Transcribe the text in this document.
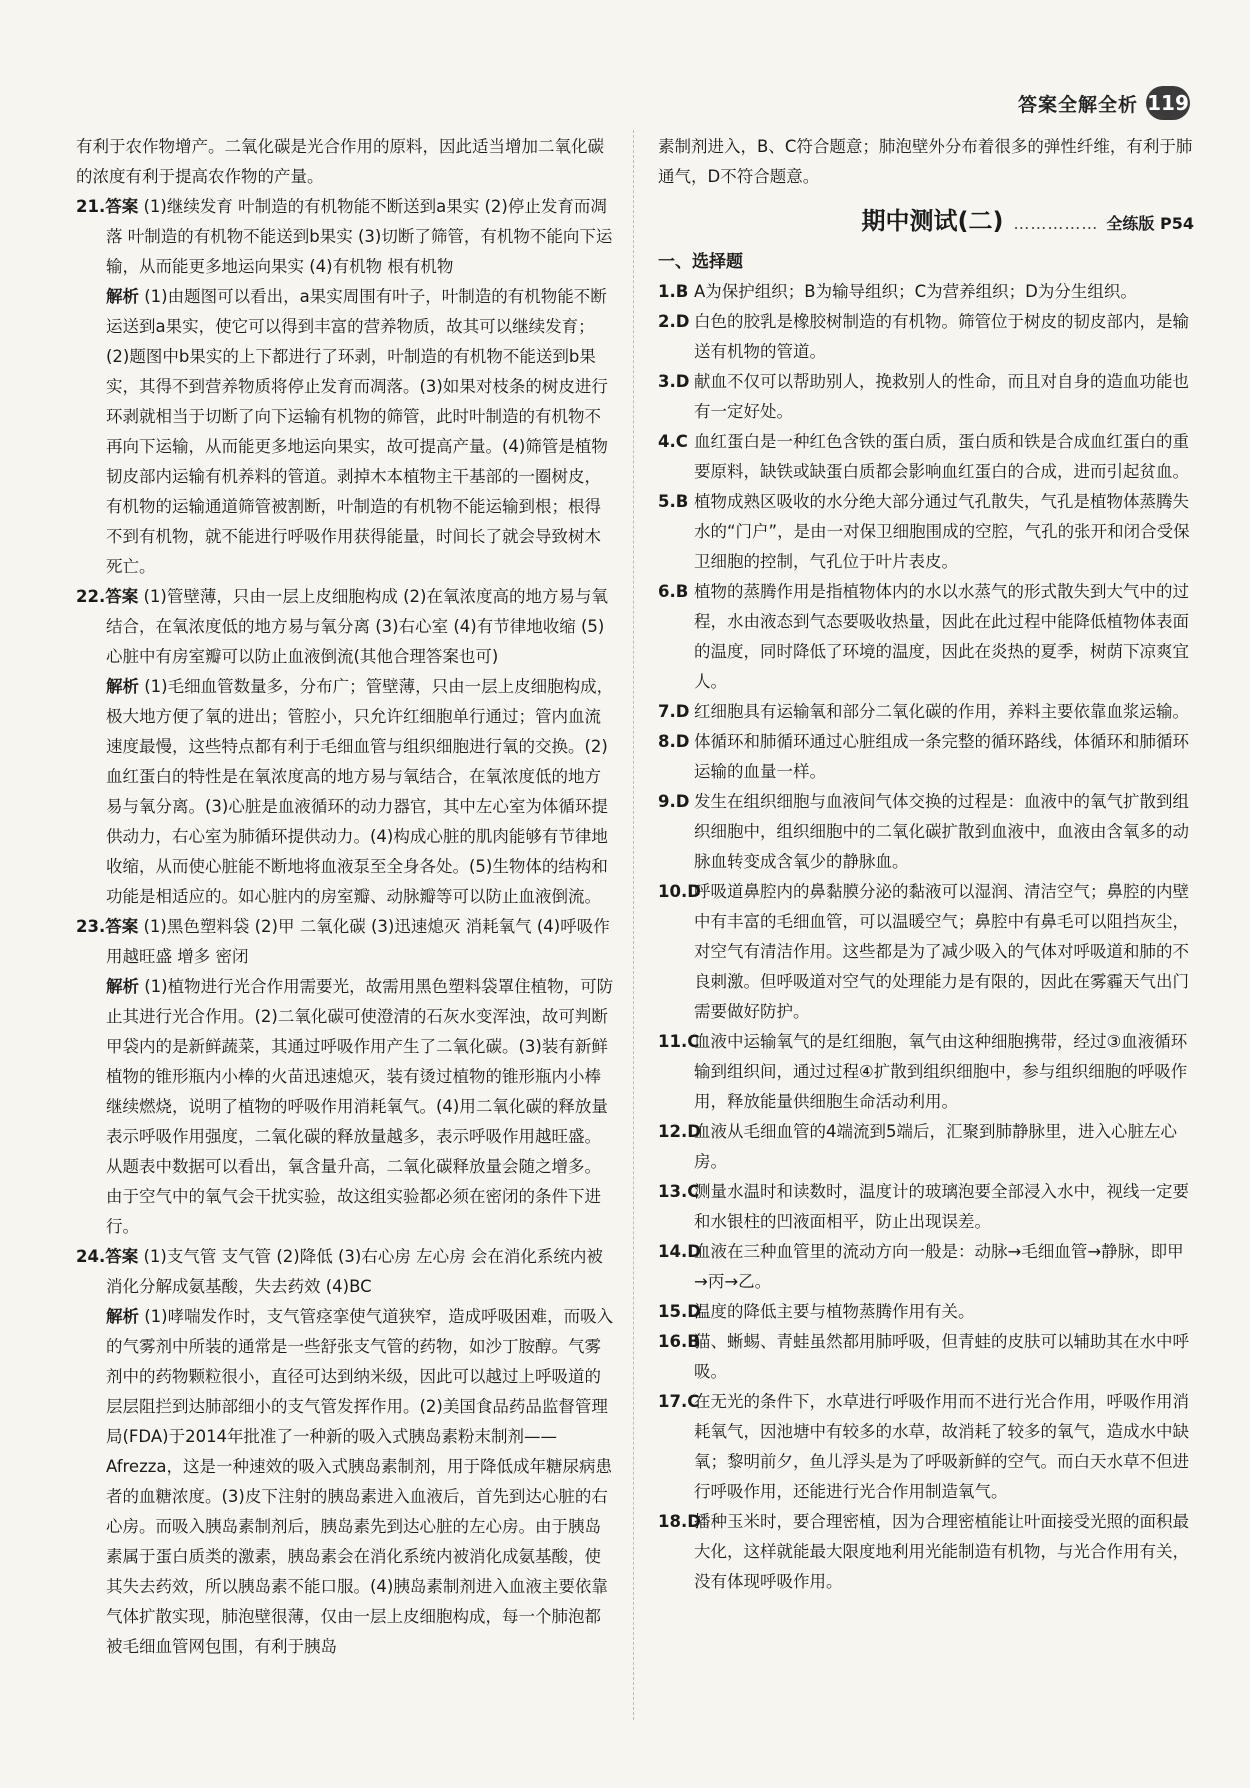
答案全解全析 119
有利于农作物增产。二氧化碳是光合作用的原料，因此适当增加二氧化碳的浓度有利于提高农作物的产量。
21.答案 (1)继续发育 叶制造的有机物能不断送到a果实 (2)停止发育而凋落 叶制造的有机物不能送到b果实 (3)切断了筛管，有机物不能向下运输，从而能更多地运向果实 (4)有机物 根有机物
解析 (1)由题图可以看出，a果实周围有叶子，叶制造的有机物能不断运送到a果实，使它可以得到丰富的营养物质，故其可以继续发育；(2)题图中b果实的上下都进行了环剥，叶制造的有机物不能送到b果实，其得不到营养物质将停止发育而凋落。(3)如果对枝条的树皮进行环剥就相当于切断了向下运输有机物的筛管，此时叶制造的有机物不再向下运输，从而能更多地运向果实，故可提高产量。(4)筛管是植物韧皮部内运输有机养料的管道。剥掉木本植物主干基部的一圈树皮，有机物的运输通道筛管被割断，叶制造的有机物不能运输到根；根得不到有机物，就不能进行呼吸作用获得能量，时间长了就会导致树木死亡。
22.答案 (1)管壁薄，只由一层上皮细胞构成 (2)在氧浓度高的地方易与氧结合，在氧浓度低的地方易与氧分离 (3)右心室 (4)有节律地收缩 (5)心脏中有房室瓣可以防止血液倒流(其他合理答案也可)
解析 (1)毛细血管数量多，分布广；管壁薄，只由一层上皮细胞构成，极大地方便了氧的进出；管腔小，只允许红细胞单行通过；管内血流速度最慢，这些特点都有利于毛细血管与组织细胞进行氧的交换。(2)血红蛋白的特性是在氧浓度高的地方易与氧结合，在氧浓度低的地方易与氧分离。(3)心脏是血液循环的动力器官，其中左心室为体循环提供动力，右心室为肺循环提供动力。(4)构成心脏的肌肉能够有节律地收缩，从而使心脏能不断地将血液泵至全身各处。(5)生物体的结构和功能是相适应的。如心脏内的房室瓣、动脉瓣等可以防止血液倒流。
23.答案 (1)黑色塑料袋 (2)甲 二氧化碳 (3)迅速熄灭 消耗氧气 (4)呼吸作用越旺盛 增多 密闭
解析 (1)植物进行光合作用需要光，故需用黑色塑料袋罩住植物，可防止其进行光合作用。(2)二氧化碳可使澄清的石灰水变浑浊，故可判断甲袋内的是新鲜蔬菜，其通过呼吸作用产生了二氧化碳。(3)装有新鲜植物的锥形瓶内小棒的火苗迅速熄灭，装有烫过植物的锥形瓶内小棒继续燃烧，说明了植物的呼吸作用消耗氧气。(4)用二氧化碳的释放量表示呼吸作用强度，二氧化碳的释放量越多，表示呼吸作用越旺盛。从题表中数据可以看出，氧含量升高，二氧化碳释放量会随之增多。由于空气中的氧气会干扰实验，故这组实验都必须在密闭的条件下进行。
24.答案 (1)支气管 支气管 (2)降低 (3)右心房 左心房 会在消化系统内被消化分解成氨基酸，失去药效 (4)BC
解析 (1)哮喘发作时，支气管痉挛使气道狭窄，造成呼吸困难，而吸入的气雾剂中所装的通常是一些舒张支气管的药物，如沙丁胺醇。气雾剂中的药物颗粒很小，直径可达到纳米级，因此可以越过上呼吸道的层层阻拦到达肺部细小的支气管发挥作用。(2)美国食品药品监督管理局(FDA)于2014年批准了一种新的吸入式胰岛素粉末制剂——Afrezza，这是一种速效的吸入式胰岛素制剂，用于降低成年糖尿病患者的血糖浓度。(3)皮下注射的胰岛素进入血液后，首先到达心脏的右心房。而吸入胰岛素制剂后，胰岛素先到达心脏的左心房。由于胰岛素属于蛋白质类的激素，胰岛素会在消化系统内被消化成氨基酸，使其失去药效，所以胰岛素不能口服。(4)胰岛素制剂进入血液主要依靠气体扩散实现，肺泡壁很薄，仅由一层上皮细胞构成，每一个肺泡都被毛细血管网包围，有利于胰岛
素制剂进入，B、C符合题意；肺泡壁外分布着很多的弹性纤维，有利于肺通气，D不符合题意。
期中测试(二) …………… 全练版 P54
一、选择题
1.B A为保护组织；B为输导组织；C为营养组织；D为分生组织。
2.D 白色的胶乳是橡胶树制造的有机物。筛管位于树皮的韧皮部内，是输送有机物的管道。
3.D 献血不仅可以帮助别人，挽救别人的性命，而且对自身的造血功能也有一定好处。
4.C 血红蛋白是一种红色含铁的蛋白质，蛋白质和铁是合成血红蛋白的重要原料，缺铁或缺蛋白质都会影响血红蛋白的合成，进而引起贫血。
5.B 植物成熟区吸收的水分绝大部分通过气孔散失，气孔是植物体蒸腾失水的“门户”，是由一对保卫细胞围成的空腔，气孔的张开和闭合受保卫细胞的控制，气孔位于叶片表皮。
6.B 植物的蒸腾作用是指植物体内的水以水蒸气的形式散失到大气中的过程，水由液态到气态要吸收热量，因此在此过程中能降低植物体表面的温度，同时降低了环境的温度，因此在炎热的夏季，树荫下凉爽宜人。
7.D 红细胞具有运输氧和部分二氧化碳的作用，养料主要依靠血浆运输。
8.D 体循环和肺循环通过心脏组成一条完整的循环路线，体循环和肺循环运输的血量一样。
9.D 发生在组织细胞与血液间气体交换的过程是：血液中的氧气扩散到组织细胞中，组织细胞中的二氧化碳扩散到血液中，血液由含氧多的动脉血转变成含氧少的静脉血。
10.D呼吸道鼻腔内的鼻黏膜分泌的黏液可以湿润、清洁空气；鼻腔的内壁中有丰富的毛细血管，可以温暖空气；鼻腔中有鼻毛可以阻挡灰尘，对空气有清洁作用。这些都是为了减少吸入的气体对呼吸道和肺的不良刺激。但呼吸道对空气的处理能力是有限的，因此在雾霾天气出门需要做好防护。
11.C血液中运输氧气的是红细胞，氧气由这种细胞携带，经过③血液循环输到组织间，通过过程④扩散到组织细胞中，参与组织细胞的呼吸作用，释放能量供细胞生命活动利用。
12.D血液从毛细血管的4端流到5端后，汇聚到肺静脉里，进入心脏左心房。
13.C测量水温时和读数时，温度计的玻璃泡要全部浸入水中，视线一定要和水银柱的凹液面相平，防止出现误差。
14.D血液在三种血管里的流动方向一般是：动脉→毛细血管→静脉，即甲→丙→乙。
15.D温度的降低主要与植物蒸腾作用有关。
16.B猫、蜥蜴、青蛙虽然都用肺呼吸，但青蛙的皮肤可以辅助其在水中呼吸。
17.C在无光的条件下，水草进行呼吸作用而不进行光合作用，呼吸作用消耗氧气，因池塘中有较多的水草，故消耗了较多的氧气，造成水中缺氧；黎明前夕，鱼儿浮头是为了呼吸新鲜的空气。而白天水草不但进行呼吸作用，还能进行光合作用制造氧气。
18.D播种玉米时，要合理密植，因为合理密植能让叶面接受光照的面积最大化，这样就能最大限度地利用光能制造有机物，与光合作用有关，没有体现呼吸作用。
